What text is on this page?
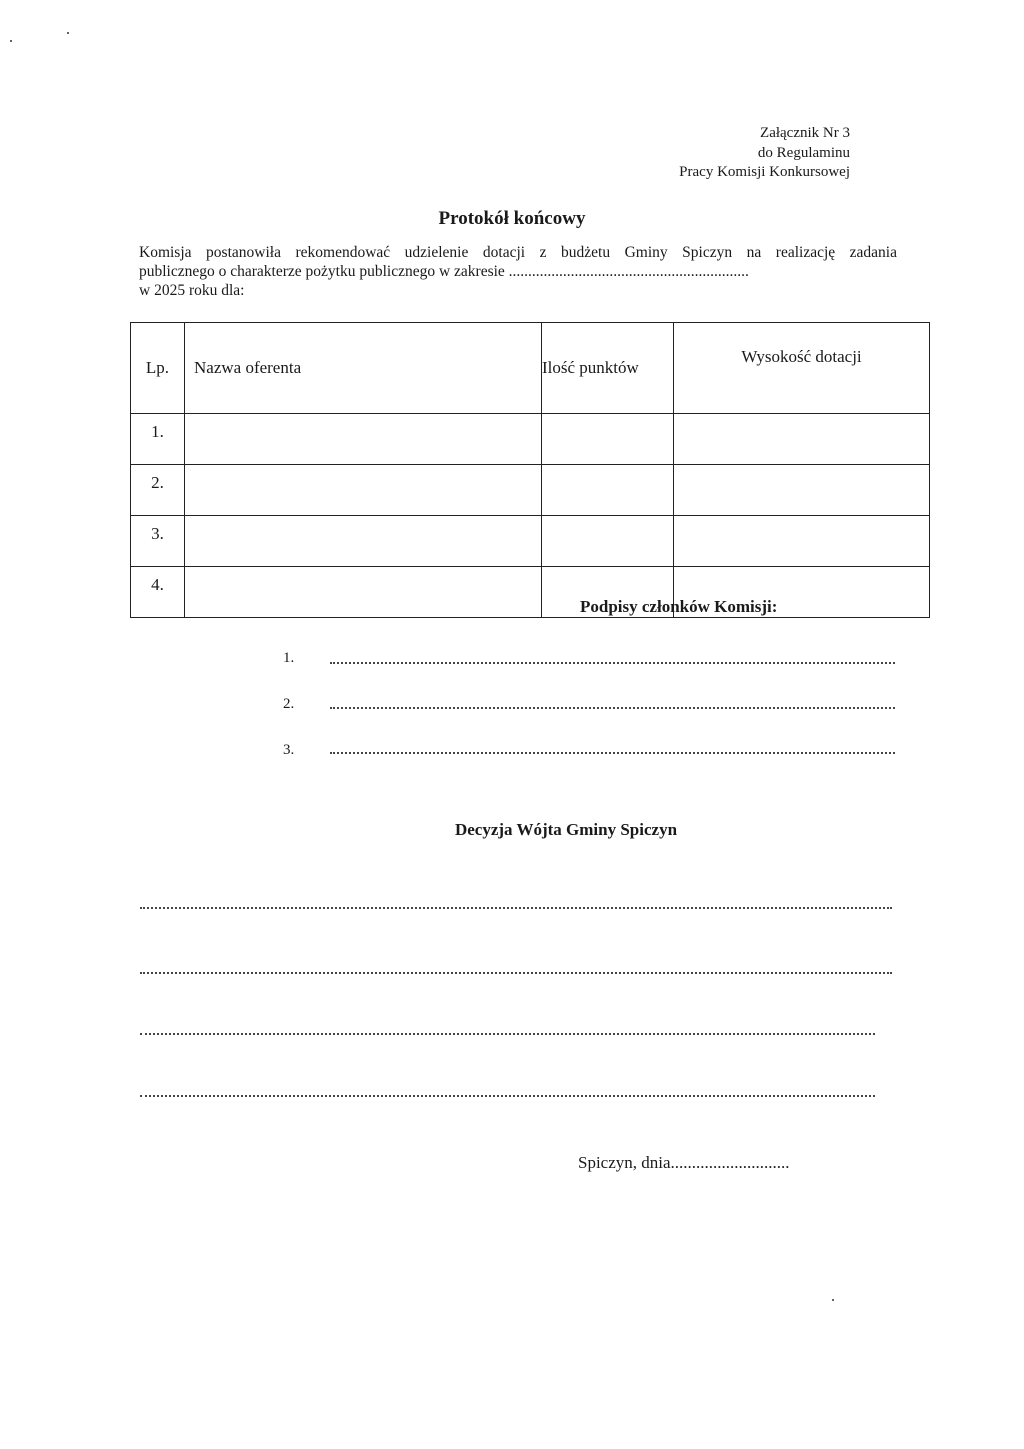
Załącznik Nr 3
do Regulaminu
Pracy Komisji Konkursowej
Protokół końcowy
Komisja postanowiła rekomendować udzielenie dotacji z budżetu Gminy Spiczyn na realizację zadania
publicznego o charakterze pożytku publicznego w zakresie ..............................................................
w 2025 roku dla:
Lp.	Nazwa oferenta	Ilość punktów	Wysokość dotacji
1.			
2.			
3.			
4.			
Podpisy członków Komisji:
1.
2.
3.
Decyzja Wójta Gminy Spiczyn
Spiczyn, dnia............................
